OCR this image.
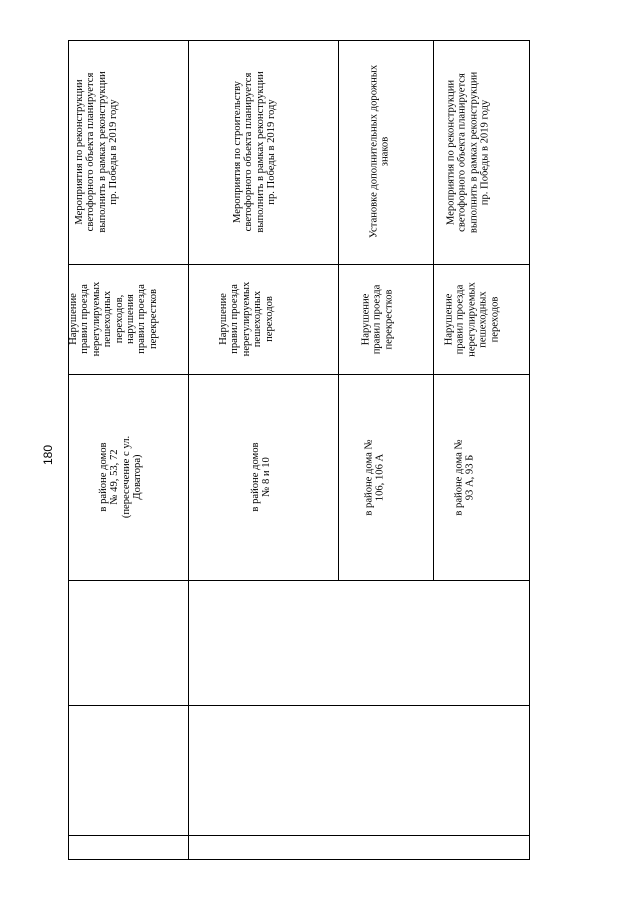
180
Мероприятия по реконструкции
светофорного объекта планируется
выполнить в рамках реконструкции
пр. Победы в 2019 году
Нарушение
правил проезда
нерегулируемых
пешеходных
переходов,
нарушения
правил проезда
перекрестков
в районе домов
№ 49, 53, 72
(пересечение с ул.
Доватора)
Мероприятия по строительству
светофорного объекта планируется
выполнить в рамках реконструкции
пр. Победы в 2019 году
Нарушение
правил проезда
нерегулируемых
пешеходных
переходов
в районе домов
№ 8 и 10
Установке дополнительных дорожных
знаков
Нарушение
правил проезда
перекрестков
в районе дома №
106, 106 А
Мероприятия по реконструкции
светофорного объекта планируется
выполнить в рамках реконструкции
пр. Победы в 2019 году
Нарушение
правил проезда
нерегулируемых
пешеходных
переходов
в районе дома №
93 А, 93 Б
